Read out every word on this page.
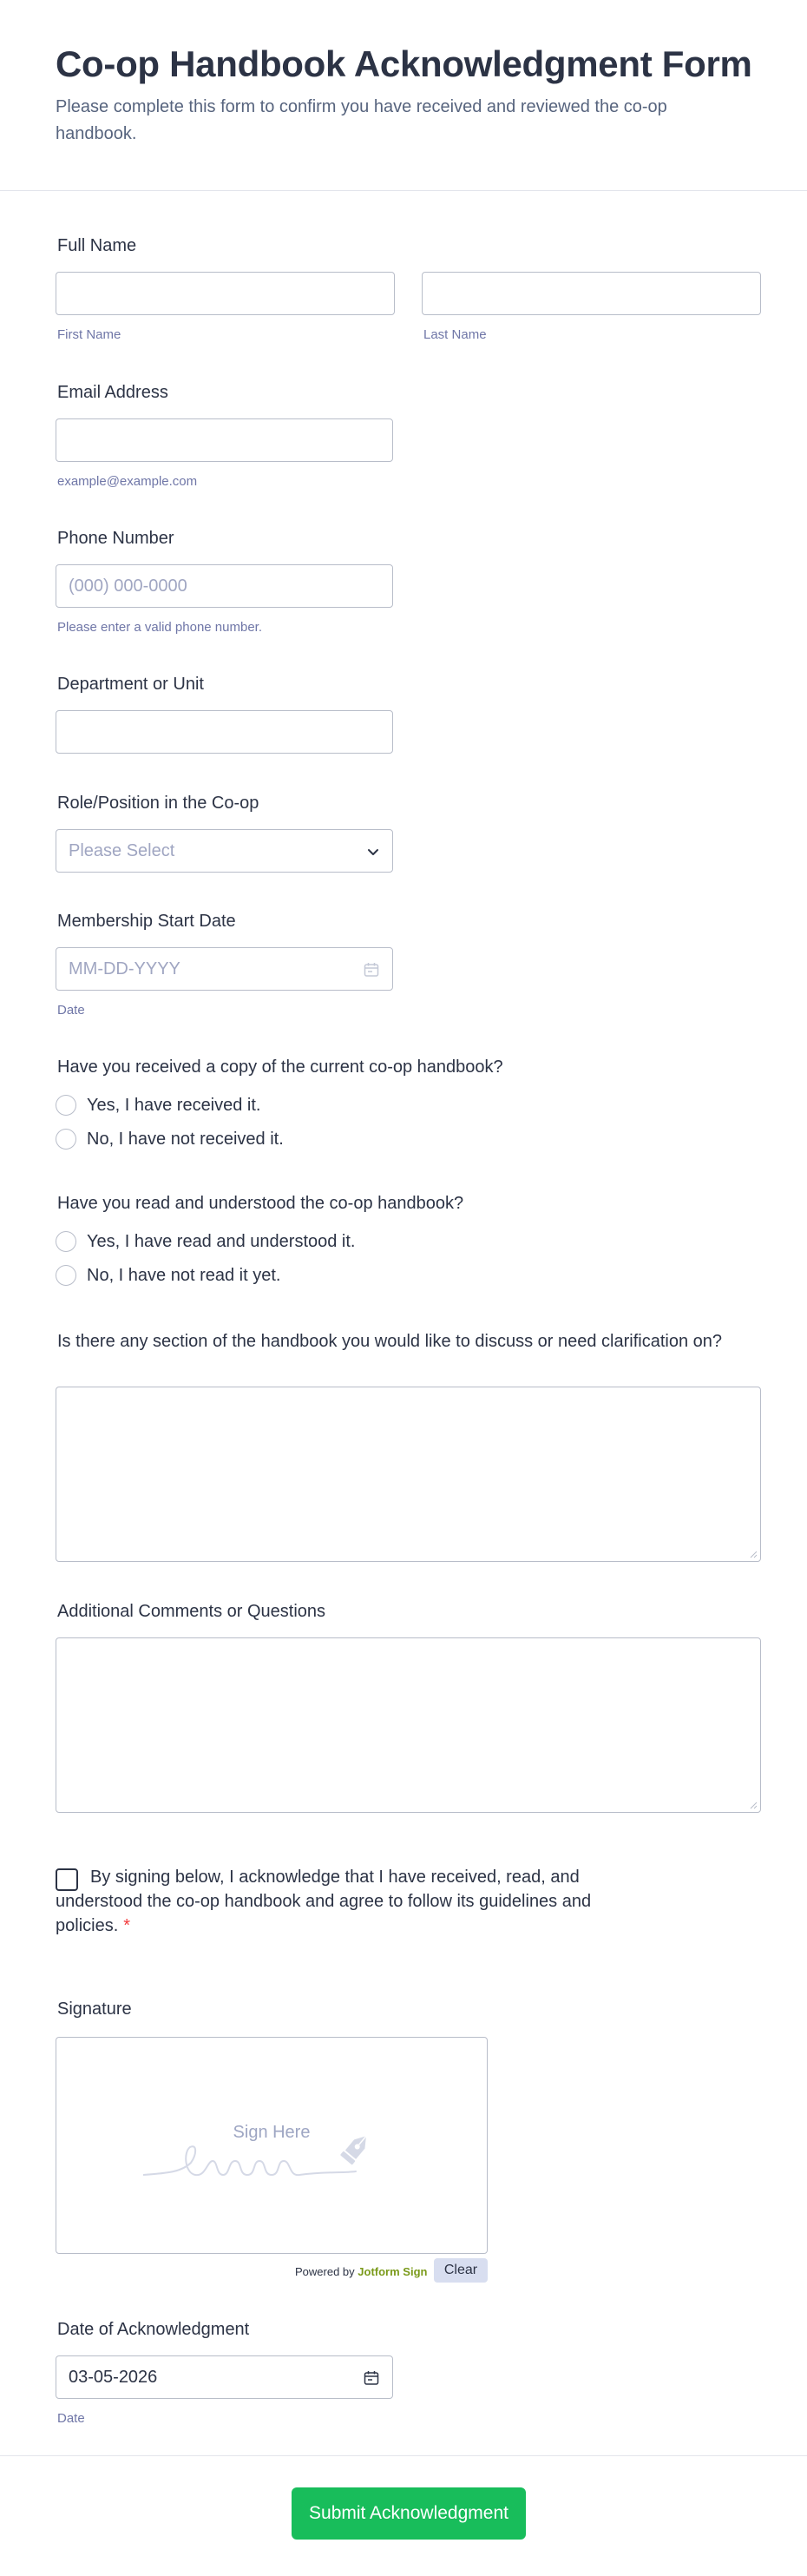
Co-op Handbook Acknowledgment Form
Please complete this form to confirm you have received and reviewed the co-op handbook.
Full Name
First Name	Last Name
Email Address
example@example.com
Phone Number
(000) 000-0000
Please enter a valid phone number.
Department or Unit
Role/Position in the Co-op
Please Select
Membership Start Date
MM-DD-YYYY
Date
Have you received a copy of the current co-op handbook?
Yes, I have received it.
No, I have not received it.
Have you read and understood the co-op handbook?
Yes, I have read and understood it.
No, I have not read it yet.
Is there any section of the handbook you would like to discuss or need clarification on?
Additional Comments or Questions
By signing below, I acknowledge that I have received, read, and understood the co-op handbook and agree to follow its guidelines and policies. *
Signature
Sign Here
Powered by Jotform Sign	Clear
Date of Acknowledgment
03-05-2026
Date
Submit Acknowledgment
